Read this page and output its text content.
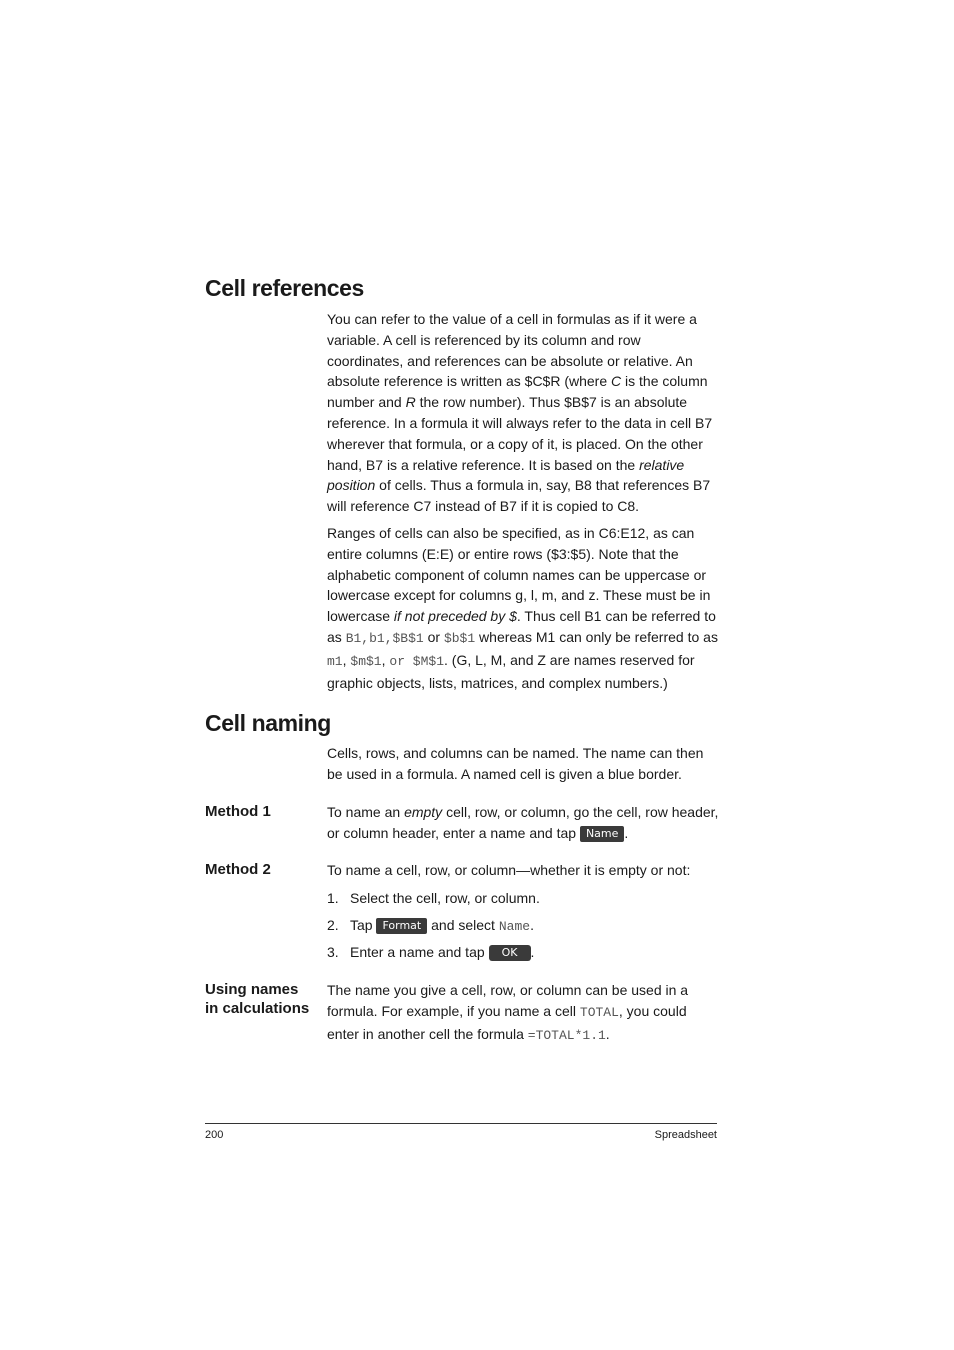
Cell references

You can refer to the value of a cell in formulas as if it were a variable. A cell is referenced by its column and row coordinates, and references can be absolute or relative. An absolute reference is written as $C$R (where C is the column number and R the row number). Thus $B$7 is an absolute reference. In a formula it will always refer to the data in cell B7 wherever that formula, or a copy of it, is placed. On the other hand, B7 is a relative reference. It is based on the relative position of cells. Thus a formula in, say, B8 that references B7 will reference C7 instead of B7 if it is copied to C8.

Ranges of cells can also be specified, as in C6:E12, as can entire columns (E:E) or entire rows ($3:$5). Note that the alphabetic component of column names can be uppercase or lowercase except for columns g, l, m, and z. These must be in lowercase if not preceded by $. Thus cell B1 can be referred to as B1,b1,$B$1 or $b$1 whereas M1 can only be referred to as m1, $m$1, or $M$1. (G, L, M, and Z are names reserved for graphic objects, lists, matrices, and complex numbers.)

Cell naming

Cells, rows, and columns can be named. The name can then be used in a formula. A named cell is given a blue border.

Method 1	To name an empty cell, row, or column, go the cell, row header, or column header, enter a name and tap Name .

Method 2	To name a cell, row, or column—whether it is empty or not:

1. Select the cell, row, or column.

2. Tap Format and select Name.

3. Enter a name and tap OK .

Using names
in calculations

The name you give a cell, row, or column can be used in a formula. For example, if you name a cell TOTAL, you could enter in another cell the formula =TOTAL*1.1.

200	Spreadsheet
